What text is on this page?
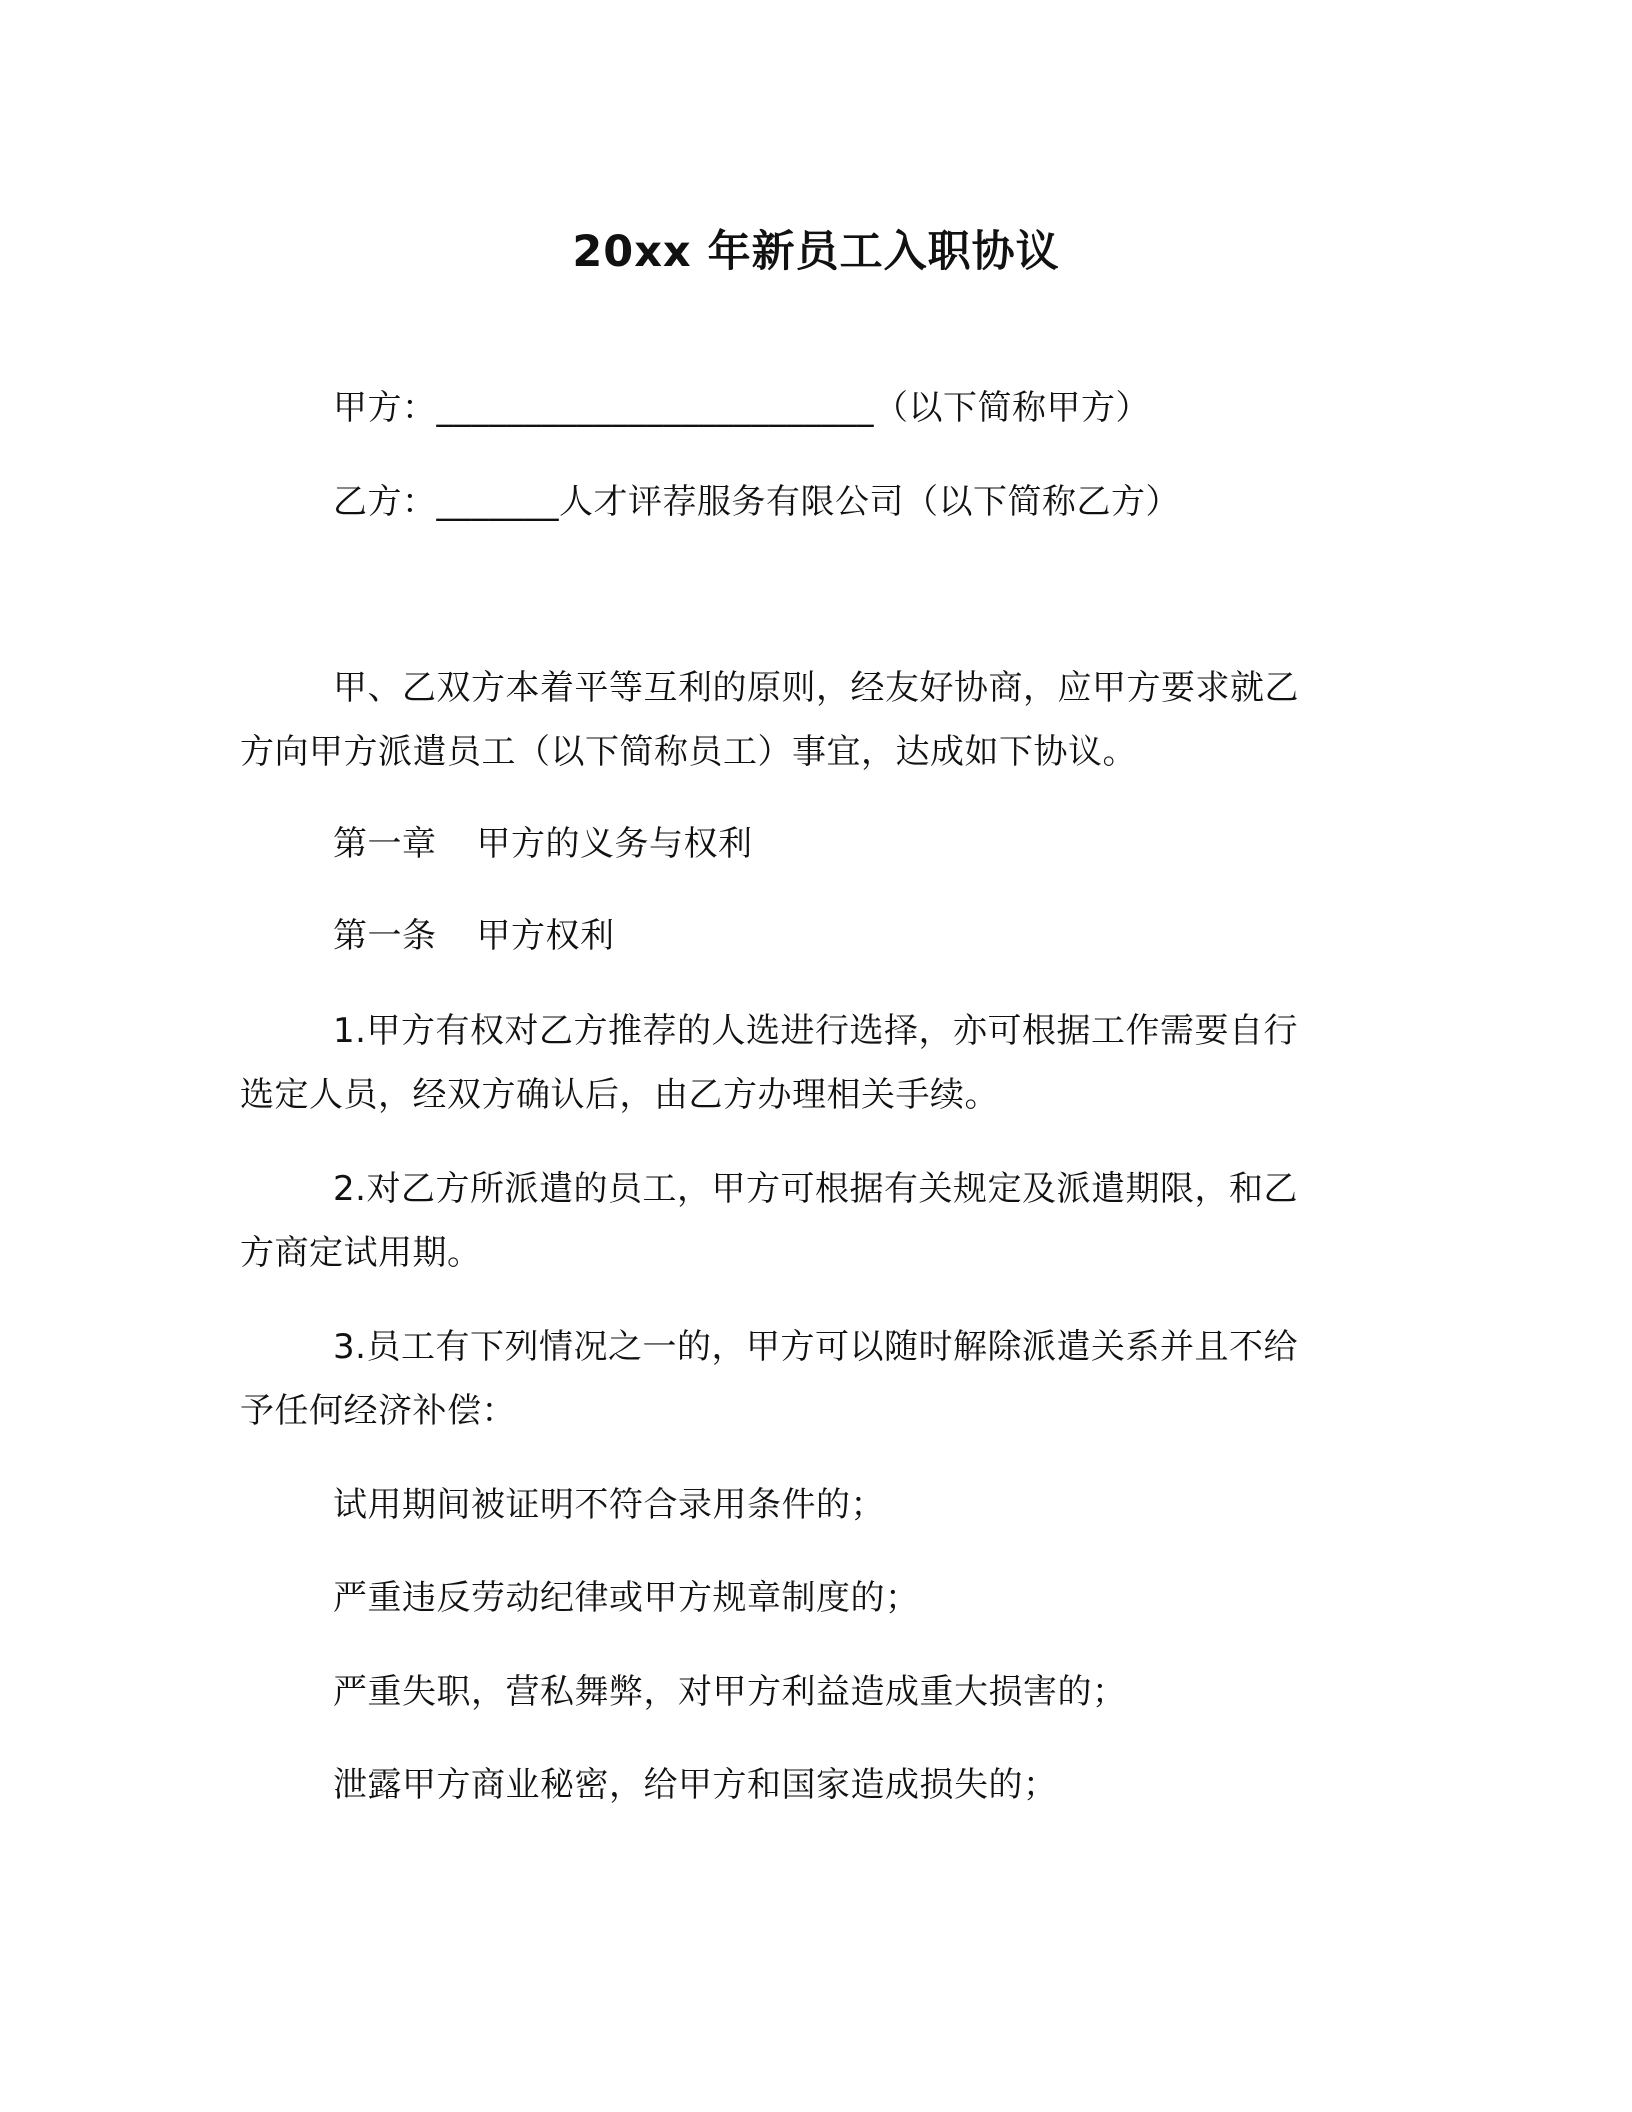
20xx 年新员工入职协议
甲方：_________________________（以下简称甲方）
乙方：_______人才评荐服务有限公司（以下简称乙方）
甲、乙双方本着平等互利的原则，经友好协商，应甲方要求就乙
方向甲方派遣员工（以下简称员工）事宜，达成如下协议。
第一章 甲方的义务与权利
第一条 甲方权利
1.甲方有权对乙方推荐的人选进行选择，亦可根据工作需要自行
选定人员，经双方确认后，由乙方办理相关手续。
2.对乙方所派遣的员工，甲方可根据有关规定及派遣期限，和乙
方商定试用期。
3.员工有下列情况之一的，甲方可以随时解除派遣关系并且不给
予任何经济补偿：
试用期间被证明不符合录用条件的；
严重违反劳动纪律或甲方规章制度的；
严重失职，营私舞弊，对甲方利益造成重大损害的；
泄露甲方商业秘密，给甲方和国家造成损失的；
